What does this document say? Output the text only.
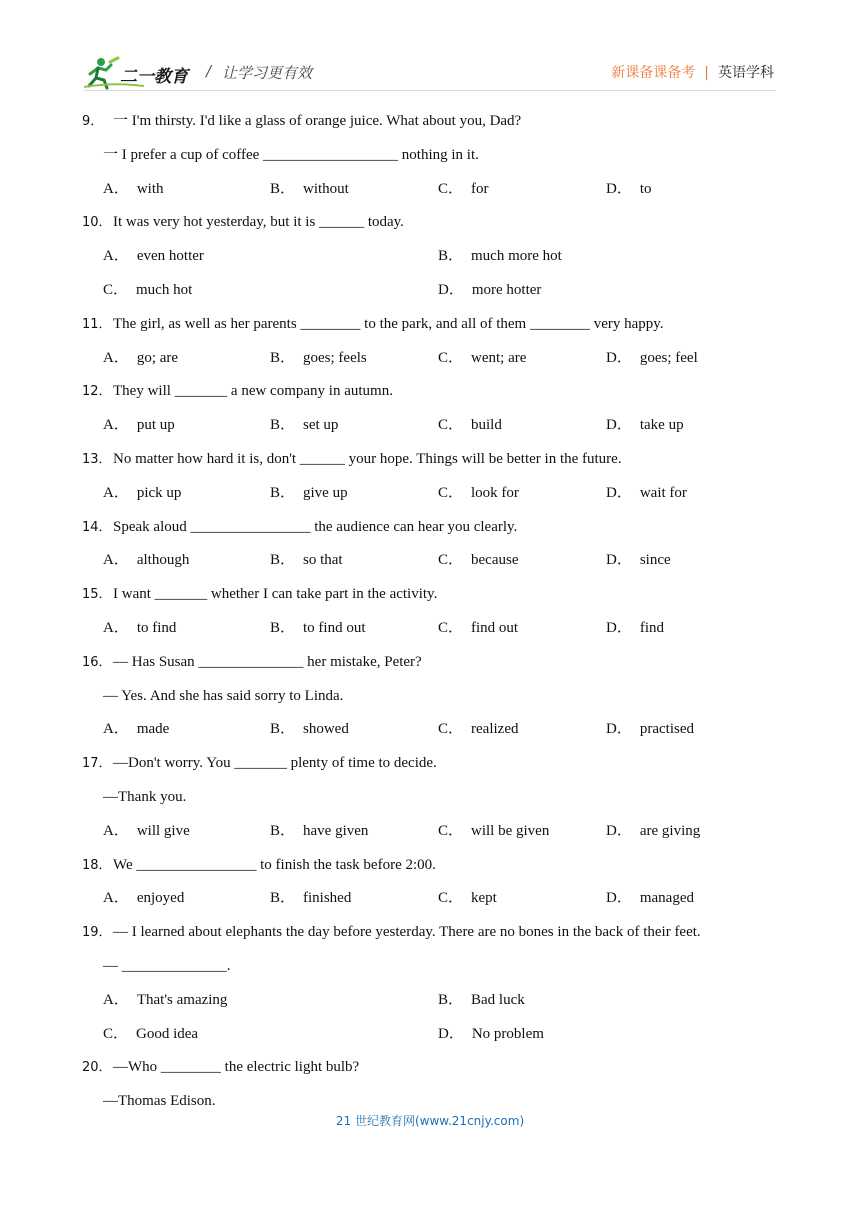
二一教育 / 让学习更有效	新课备课备考 | 英语学科
9． 一 I'm thirsty. I'd like a glass of orange juice. What about you, Dad?
一 I prefer a cup of coffee __________________ nothing in it.
A． with	B． without	C． for	D． to
10． It was very hot yesterday, but it is ______ today.
A． even hotter	B． much more hot
C． much hot	D． more hotter
11． The girl, as well as her parents ________ to the park, and all of them ________ very happy.
A． go; are	B． goes; feels	C． went; are	D． goes; feel
12． They will _______ a new company in autumn.
A． put up	B． set up	C． build	D． take up
13． No matter how hard it is, don't ______ your hope. Things will be better in the future.
A． pick up	B． give up	C． look for	D． wait for
14． Speak aloud ________________ the audience can hear you clearly.
A． although	B． so that	C． because	D． since
15． I want _______ whether I can take part in the activity.
A． to find	B． to find out	C． find out	D． find
16． — Has Susan ______________ her mistake, Peter?
— Yes. And she has said sorry to Linda.
A． made	B． showed	C． realized	D． practised
17． —Don't worry. You _______ plenty of time to decide.
—Thank you.
A． will give	B． have given	C． will be given	D． are giving
18． We ________________ to finish the task before 2:00.
A． enjoyed	B． finished	C． kept	D． managed
19． — I learned about elephants the day before yesterday. There are no bones in the back of their feet.
— ______________.
A． That's amazing	B． Bad luck
C． Good idea	D． No problem
20． —Who ________ the electric light bulb?
—Thomas Edison.
21 世纪教育网(www.21cnjy.com)
